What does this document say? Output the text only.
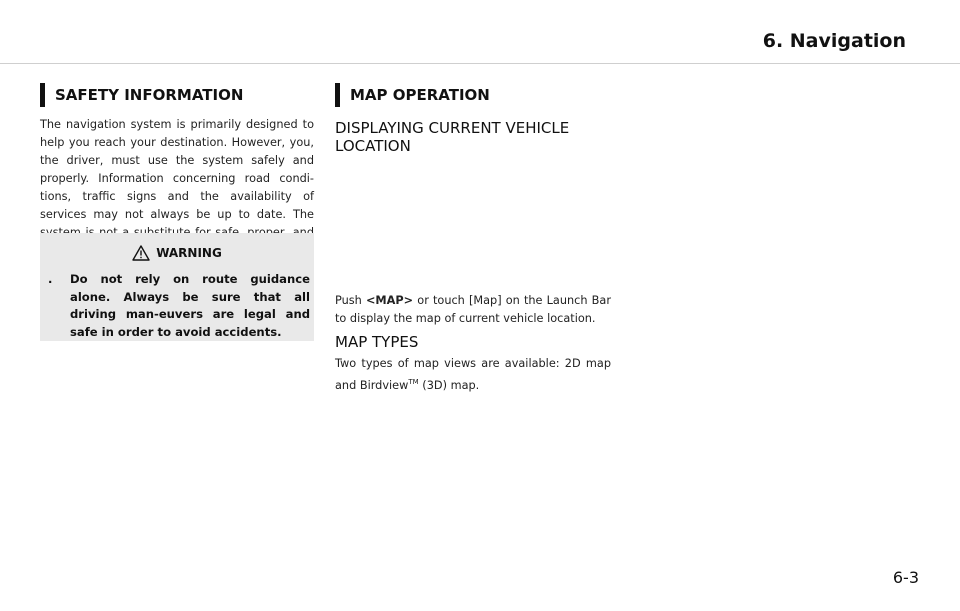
6. Navigation
SAFETY INFORMATION

The navigation system is primarily designed to help you reach your destination. However, you, the driver, must use the system safely and properly. Information concerning road condi-tions, traffic signs and the availability of services may not always be up to date. The

WARNING
.	Do not rely on route guidance alone. Always be sure that all driving man-euvers are legal and safe in order to avoid accidents.
MAP OPERATION
DISPLAYING CURRENT VEHICLE
LOCATION

Push <MAP> or touch [Map] on the Launch Bar to display the map of current vehicle location.

MAP TYPES

Two types of map views are available: 2D map and Birdview™ (3D) map.

6-3
